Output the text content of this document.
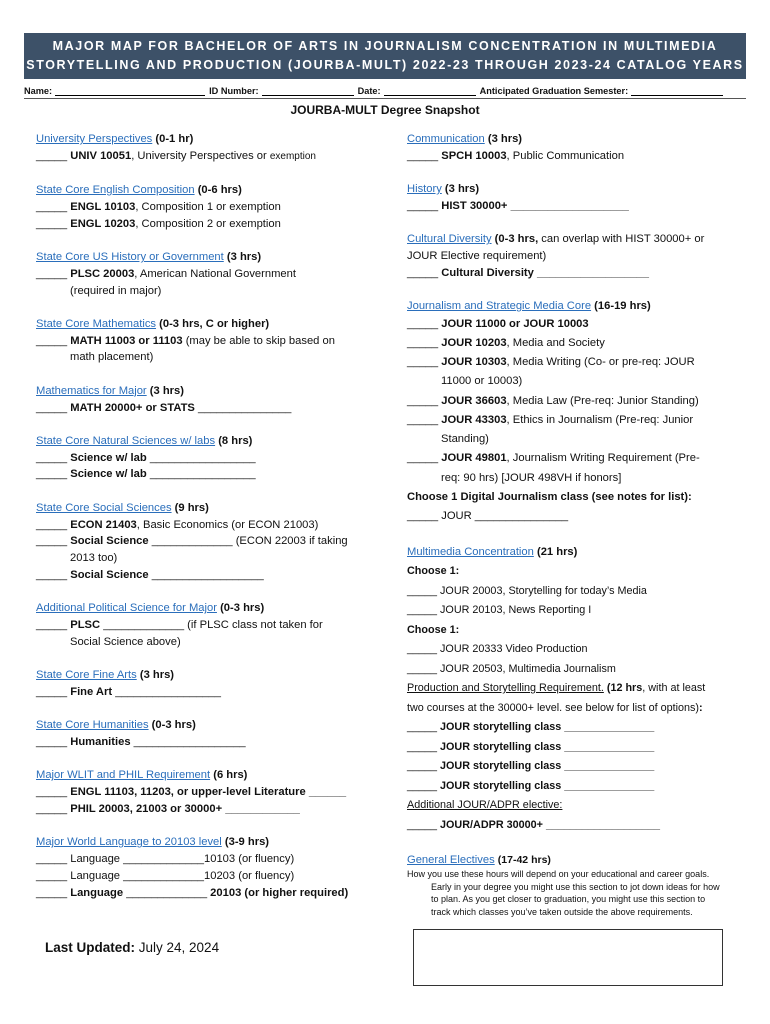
MAJOR MAP FOR BACHELOR OF ARTS IN JOURNALISM CONCENTRATION IN MULTIMEDIA
STORYTELLING AND PRODUCTION (JOURBA-MULT) 2022-23 THROUGH 2023-24 CATALOG YEARS
Name:	ID Number:	Date:	Anticipated Graduation Semester:
JOURBA-MULT Degree Snapshot
University Perspectives (0-1 hr)
_____ UNIV 10051, University Perspectives or exemption
State Core English Composition (0-6 hrs)
_____ ENGL 10103, Composition 1 or exemption
_____ ENGL 10203, Composition 2 or exemption
State Core US History or Government (3 hrs)
_____ PLSC 20003, American National Government
(required in major)
State Core Mathematics (0-3 hrs, C or higher)
_____ MATH 11003 or 11103 (may be able to skip based on
math placement)
Mathematics for Major (3 hrs)
_____ MATH 20000+ or STATS _______________
State Core Natural Sciences w/ labs (8 hrs)
_____ Science w/ lab _________________
_____ Science w/ lab _________________
State Core Social Sciences (9 hrs)
_____ ECON 21403, Basic Economics (or ECON 21003)
_____ Social Science _____________ (ECON 22003 if taking
2013 too)
_____ Social Science __________________
Additional Political Science for Major (0-3 hrs)
_____ PLSC _____________ (if PLSC class not taken for
Social Science above)
State Core Fine Arts (3 hrs)
_____ Fine Art _________________
State Core Humanities (0-3 hrs)
_____ Humanities __________________
Major WLIT and PHIL Requirement (6 hrs)
_____ ENGL 11103, 11203, or upper-level Literature ______
_____ PHIL 20003, 21003 or 30000+ ____________
Major World Language to 20103 level (3-9 hrs)
_____ Language _____________10103 (or fluency)
_____ Language _____________10203 (or fluency)
_____ Language _____________ 20103 (or higher required)
Communication (3 hrs)
_____ SPCH 10003, Public Communication
History (3 hrs)
_____ HIST 30000+ ___________________
Cultural Diversity (0-3 hrs, can overlap with HIST 30000+ or
JOUR Elective requirement)
_____ Cultural Diversity __________________
Journalism and Strategic Media Core (16-19 hrs)
_____ JOUR 11000 or JOUR 10003
_____ JOUR 10203, Media and Society
_____ JOUR 10303, Media Writing (Co- or pre-req: JOUR
11000 or 10003)
_____ JOUR 36603, Media Law (Pre-req: Junior Standing)
_____ JOUR 43303, Ethics in Journalism (Pre-req: Junior
Standing)
_____ JOUR 49801, Journalism Writing Requirement (Pre-
req: 90 hrs) [JOUR 498VH if honors]
Choose 1 Digital Journalism class (see notes for list):
_____ JOUR _______________
Multimedia Concentration (21 hrs)
Choose 1:
_____ JOUR 20003, Storytelling for today’s Media
_____ JOUR 20103, News Reporting I
Choose 1:
_____ JOUR 20333 Video Production
_____ JOUR 20503, Multimedia Journalism
Production and Storytelling Requirement. (12 hrs, with at least
two courses at the 30000+ level. see below for list of options):
_____ JOUR storytelling class _______________
_____ JOUR storytelling class _______________
_____ JOUR storytelling class _______________
_____ JOUR storytelling class _______________
Additional JOUR/ADPR elective:
_____ JOUR/ADPR 30000+ ___________________
General Electives (17-42 hrs)
How you use these hours will depend on your educational and career goals.
Early in your degree you might use this section to jot down ideas for how
to plan. As you get closer to graduation, you might use this section to
track which classes you’ve taken outside the above requirements.
Last Updated: July 24, 2024
